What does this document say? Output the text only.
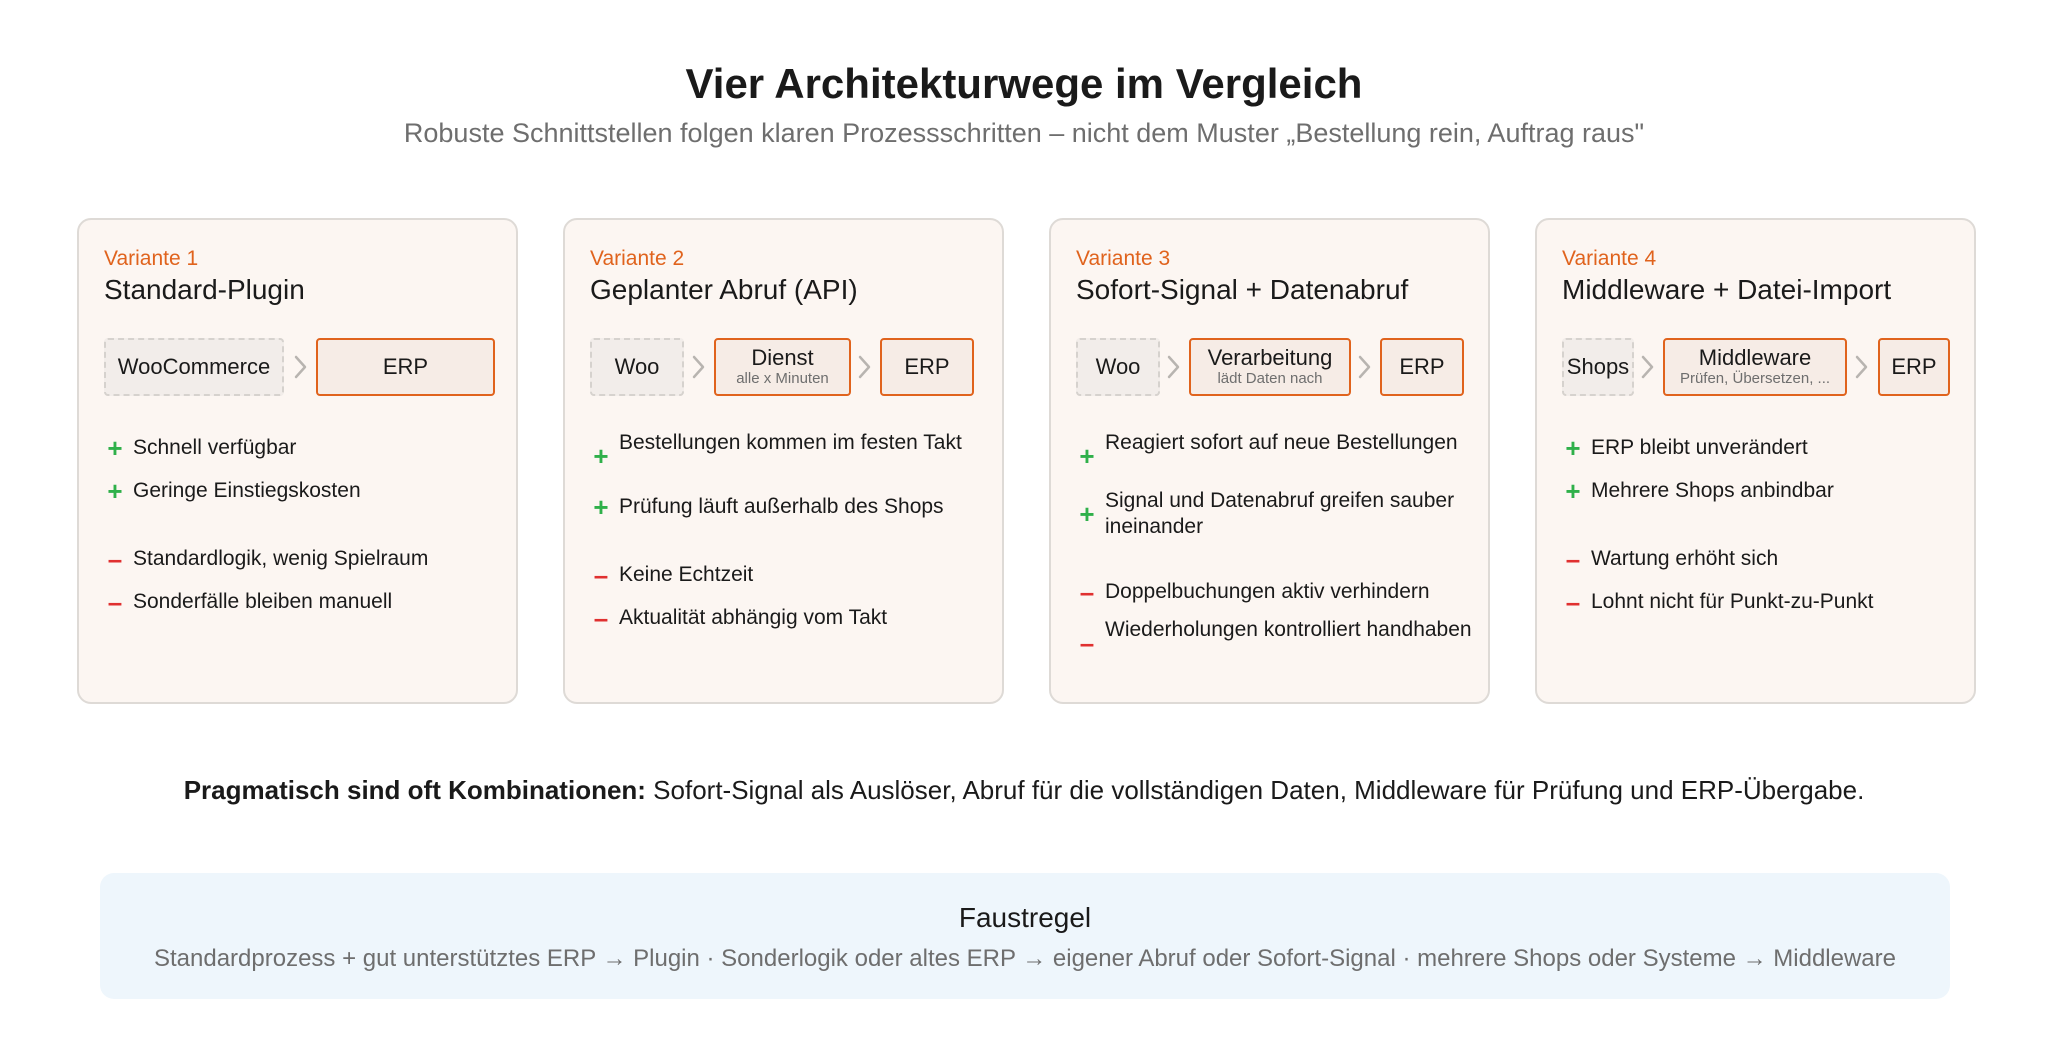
Vier Architekturwege im Vergleich
Robuste Schnittstellen folgen klaren Prozessschritten – nicht dem Muster „Bestellung rein, Auftrag raus"
Variante 1
Standard-Plugin
WooCommerce	ERP
+ Schnell verfügbar
+ Geringe Einstiegskosten
– Standardlogik, wenig Spielraum
– Sonderfälle bleiben manuell
Variante 2
Geplanter Abruf (API)
Woo	Dienst
alle x Minuten	ERP
+ Bestellungen kommen im festen Takt
+ Prüfung läuft außerhalb des Shops
– Keine Echtzeit
– Aktualität abhängig vom Takt
Variante 3
Sofort-Signal + Datenabruf
Woo	Verarbeitung
lädt Daten nach	ERP
+ Reagiert sofort auf neue Bestellungen
+ Signal und Datenabruf greifen sauber ineinander
– Doppelbuchungen aktiv verhindern
– Wiederholungen kontrolliert handhaben
Variante 4
Middleware + Datei-Import
Shops	Middleware
Prüfen, Übersetzen, ...	ERP
+ ERP bleibt unverändert
+ Mehrere Shops anbindbar
– Wartung erhöht sich
– Lohnt nicht für Punkt-zu-Punkt
Pragmatisch sind oft Kombinationen: Sofort-Signal als Auslöser, Abruf für die vollständigen Daten, Middleware für Prüfung und ERP-Übergabe.
Faustregel
Standardprozess + gut unterstütztes ERP → Plugin · Sonderlogik oder altes ERP → eigener Abruf oder Sofort-Signal · mehrere Shops oder Systeme → Middleware
